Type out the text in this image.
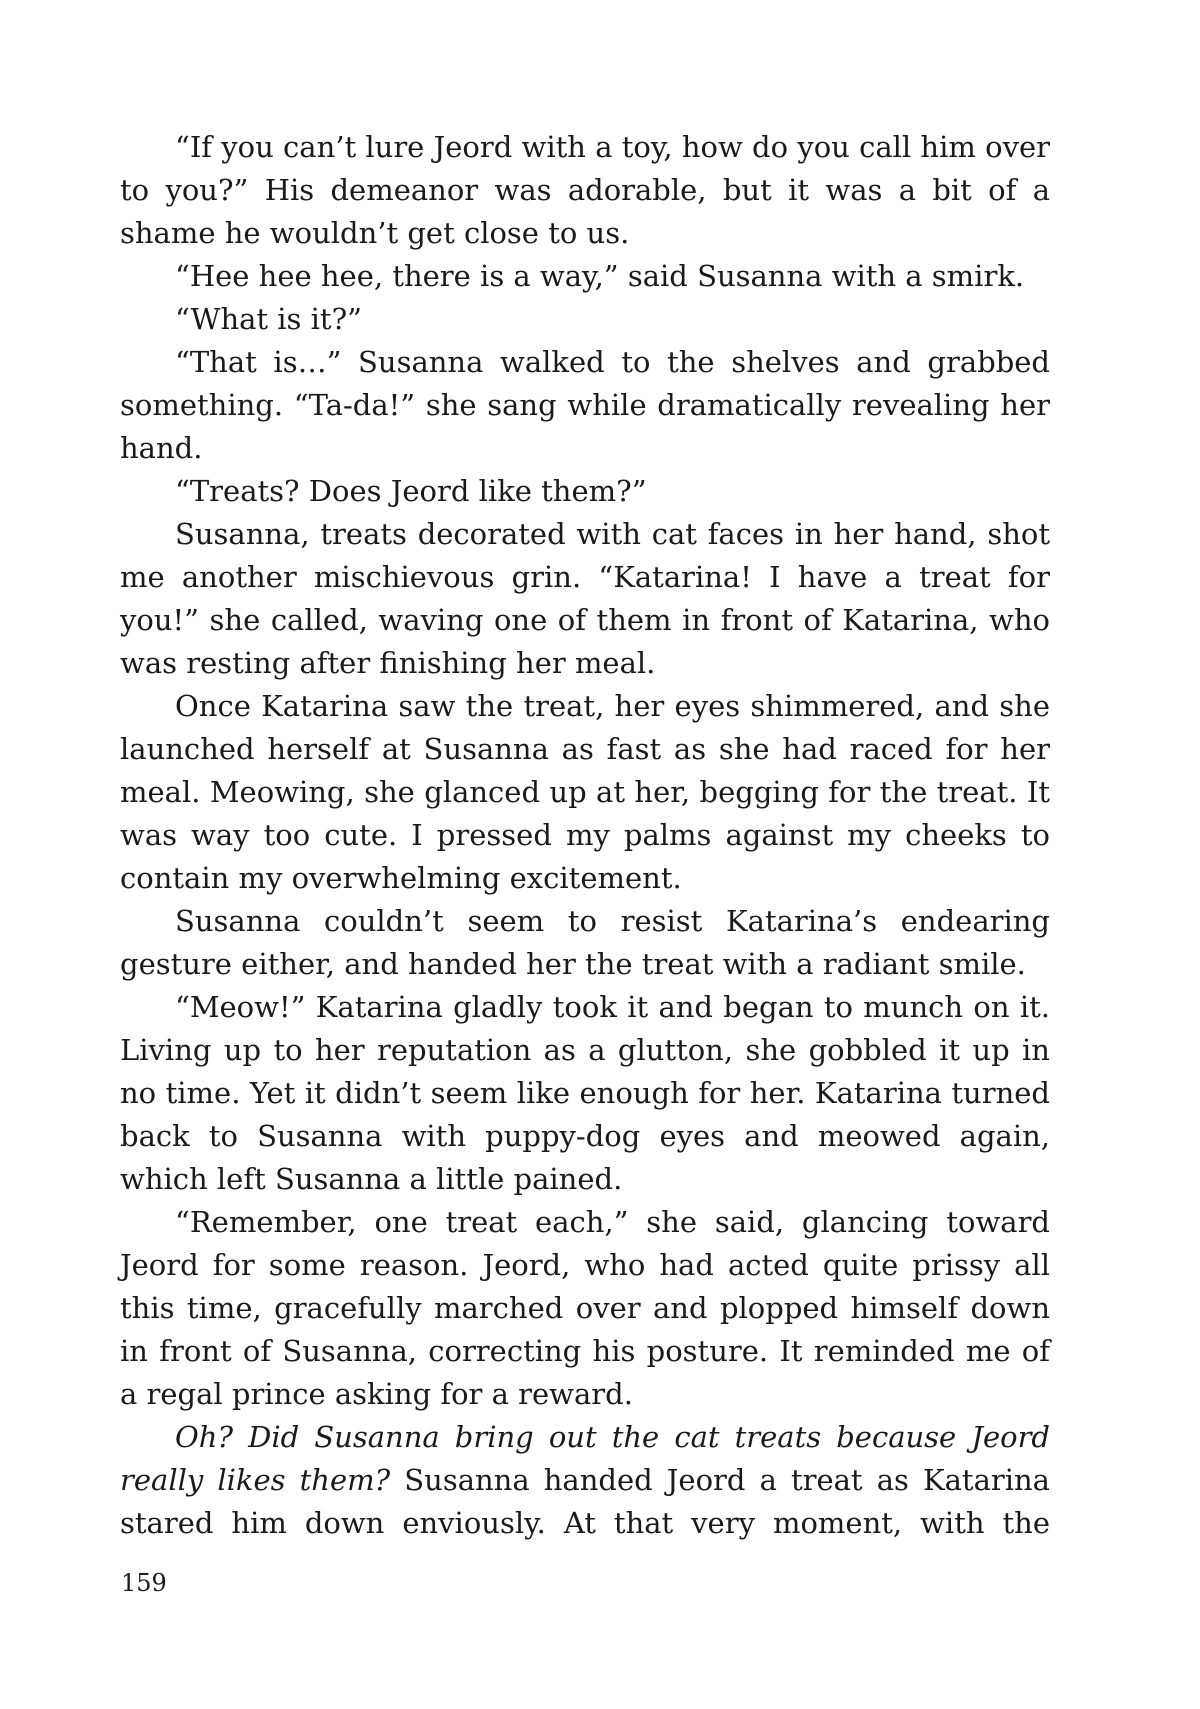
“If you can’t lure Jeord with a toy, how do you call him over to you?” His demeanor was adorable, but it was a bit of a shame he wouldn’t get close to us.

“Hee hee hee, there is a way,” said Susanna with a smirk.

“What is it?”

“That is…” Susanna walked to the shelves and grabbed something. “Ta-da!” she sang while dramatically revealing her hand.

“Treats? Does Jeord like them?”

Susanna, treats decorated with cat faces in her hand, shot me another mischievous grin. “Katarina! I have a treat for you!” she called, waving one of them in front of Katarina, who was resting after finishing her meal.

Once Katarina saw the treat, her eyes shimmered, and she launched herself at Susanna as fast as she had raced for her meal. Meowing, she glanced up at her, begging for the treat. It was way too cute. I pressed my palms against my cheeks to contain my overwhelming excitement.

Susanna couldn’t seem to resist Katarina’s endearing gesture either, and handed her the treat with a radiant smile.

“Meow!” Katarina gladly took it and began to munch on it. Living up to her reputation as a glutton, she gobbled it up in no time. Yet it didn’t seem like enough for her. Katarina turned back to Susanna with puppy-dog eyes and meowed again, which left Susanna a little pained.

“Remember, one treat each,” she said, glancing toward Jeord for some reason. Jeord, who had acted quite prissy all this time, gracefully marched over and plopped himself down in front of Susanna, correcting his posture. It reminded me of a regal prince asking for a reward.

Oh? Did Susanna bring out the cat treats because Jeord really likes them? Susanna handed Jeord a treat as Katarina stared him down enviously. At that very moment, with the

159
